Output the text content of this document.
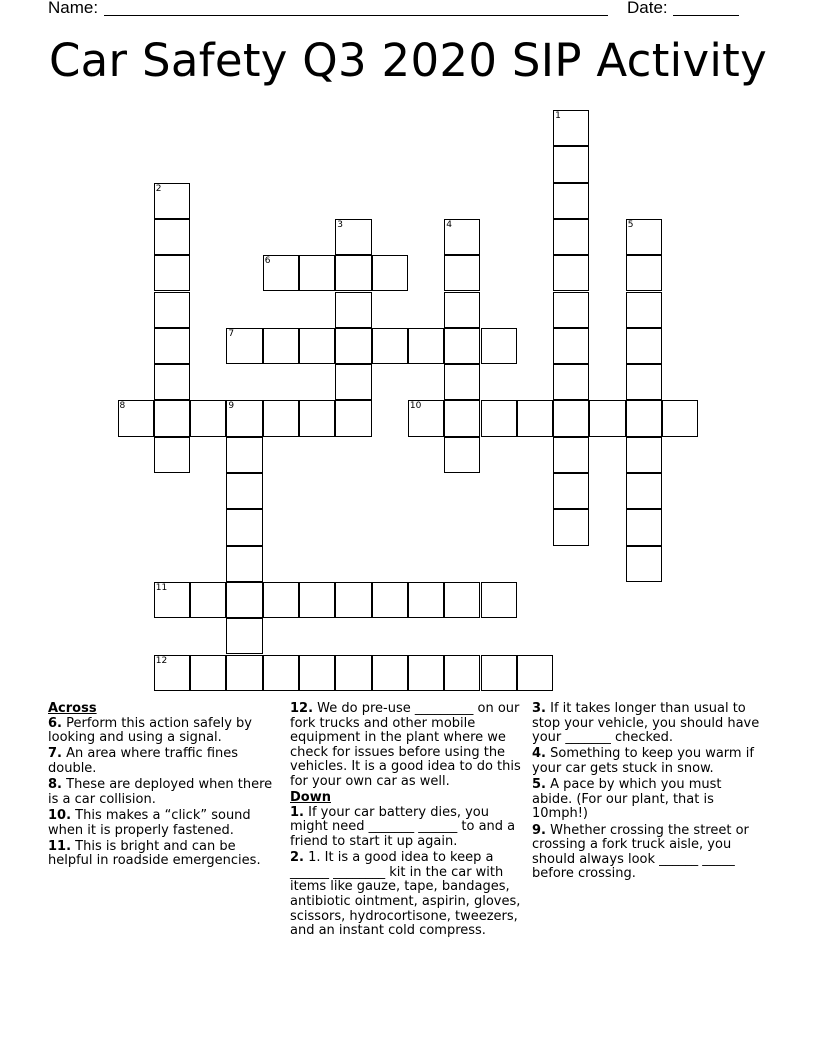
Name:	Date:
Car Safety Q3 2020 SIP Activity
1
2
3	4	5
6
7
8	9	10
11
12
Across
6. Perform this action safely by looking and using a signal.
7. An area where traffic fines double.
8. These are deployed when there is a car collision.
10. This makes a “click” sound when it is properly fastened.
11. This is bright and can be helpful in roadside emergencies.
12. We do pre-use _________ on our fork trucks and other mobile equipment in the plant where we check for issues before using the vehicles. It is a good idea to do this for your own car as well.
Down
1. If your car battery dies, you might need _______ ______ to and a friend to start it up again.
2. 1. It is a good idea to keep a ______ ________ kit in the car with items like gauze, tape, bandages, antibiotic ointment, aspirin, gloves, scissors, hydrocortisone, tweezers, and an instant cold compress.
3. If it takes longer than usual to stop your vehicle, you should have your _______ checked.
4. Something to keep you warm if your car gets stuck in snow.
5. A pace by which you must abide. (For our plant, that is 10mph!)
9. Whether crossing the street or crossing a fork truck aisle, you should always look ______ _____ before crossing.
